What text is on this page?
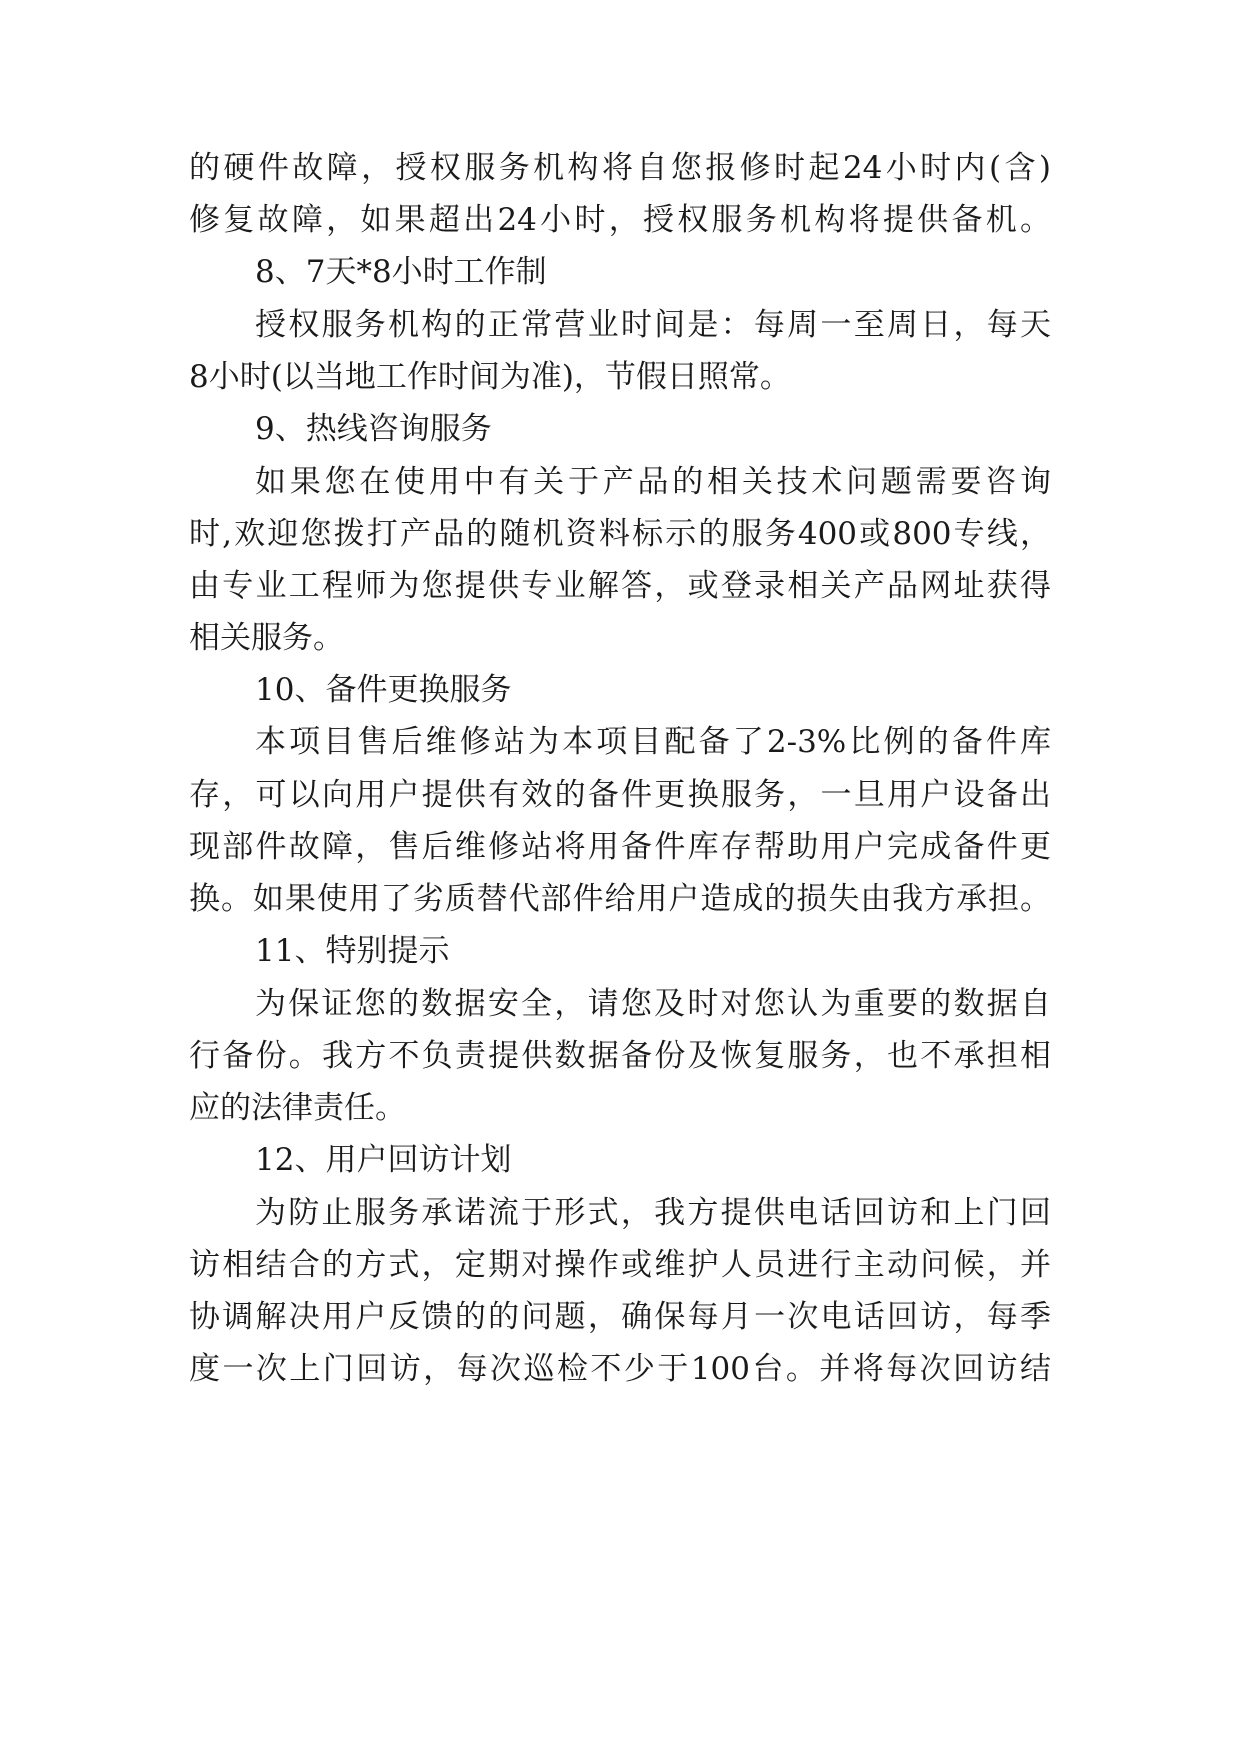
的硬件故障，授权服务机构将自您报修时起24小时内(含)
修复故障，如果超出24小时，授权服务机构将提供备机。
8、7天*8小时工作制
授权服务机构的正常营业时间是：每周一至周日，每天
8小时(以当地工作时间为准)，节假日照常。
9、热线咨询服务
如果您在使用中有关于产品的相关技术问题需要咨询
时,欢迎您拨打产品的随机资料标示的服务400或800专线，
由专业工程师为您提供专业解答，或登录相关产品网址获得
相关服务。
10、备件更换服务
本项目售后维修站为本项目配备了2-3%比例的备件库
存，可以向用户提供有效的备件更换服务，一旦用户设备出
现部件故障，售后维修站将用备件库存帮助用户完成备件更
换。如果使用了劣质替代部件给用户造成的损失由我方承担。
11、特别提示
为保证您的数据安全，请您及时对您认为重要的数据自
行备份。我方不负责提供数据备份及恢复服务，也不承担相
应的法律责任。
12、用户回访计划
为防止服务承诺流于形式，我方提供电话回访和上门回
访相结合的方式，定期对操作或维护人员进行主动问候，并
协调解决用户反馈的的问题，确保每月一次电话回访，每季
度一次上门回访，每次巡检不少于100台。并将每次回访结
